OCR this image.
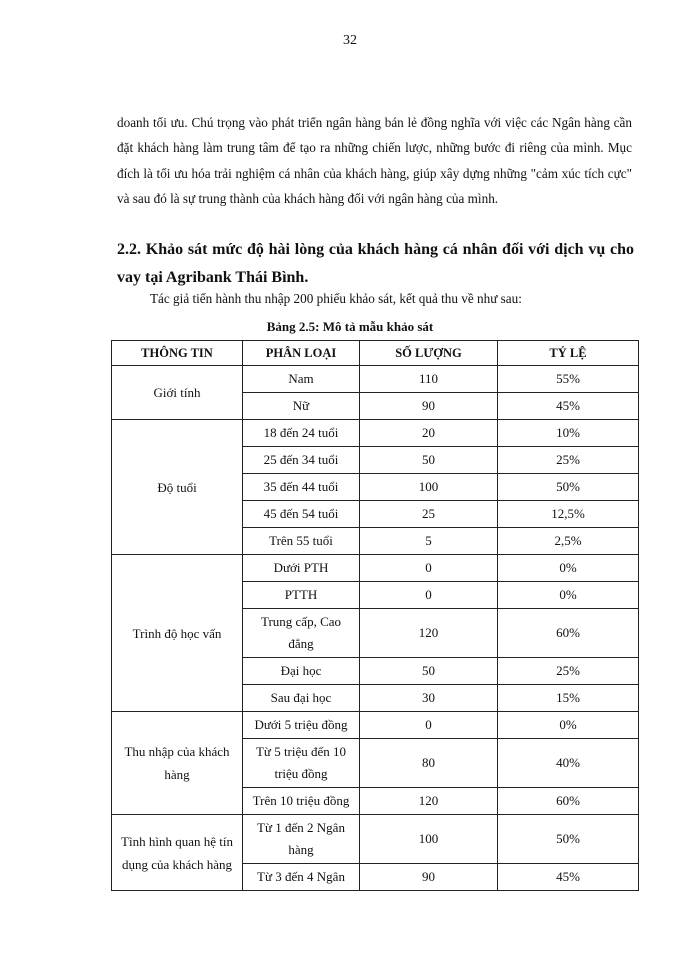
32

doanh tối ưu. Chú trọng vào phát triển ngân hàng bán lẻ đồng nghĩa với việc các Ngân hàng cần đặt khách hàng làm trung tâm để tạo ra những chiến lược, những bước đi riêng của mình. Mục đích là tối ưu hóa trải nghiệm cá nhân của khách hàng, giúp xây dựng những "cảm xúc tích cực" và sau đó là sự trung thành của khách hàng đối với ngân hàng của mình.

2.2. Khảo sát mức độ hài lòng của khách hàng cá nhân đối với dịch vụ cho vay tại Agribank Thái Bình.

Tác giả tiến hành thu nhập 200 phiếu khảo sát, kết quả thu về như sau:

Bảng 2.5: Mô tả mẫu khảo sát

THÔNG TIN	PHÂN LOẠI	SỐ LƯỢNG	TỶ LỆ
Giới tính	Nam	110	55%
	Nữ	90	45%
Độ tuổi	18 đến 24 tuổi	20	10%
	25 đến 34 tuổi	50	25%
	35 đến 44 tuổi	100	50%
	45 đến 54 tuổi	25	12,5%
	Trên 55 tuổi	5	2,5%
Trình độ học vấn	Dưới PTH	0	0%
	PTTH	0	0%
	Trung cấp, Cao đẳng	120	60%
	Đại học	50	25%
	Sau đại học	30	15%
Thu nhập của khách hàng	Dưới 5 triệu đồng	0	0%
	Từ 5 triệu đến 10 triệu đồng	80	40%
	Trên 10 triệu đồng	120	60%
Tình hình quan hệ tín dụng của khách hàng	Từ 1 đến 2 Ngân hàng	100	50%
	Từ 3 đến 4 Ngân	90	45%
